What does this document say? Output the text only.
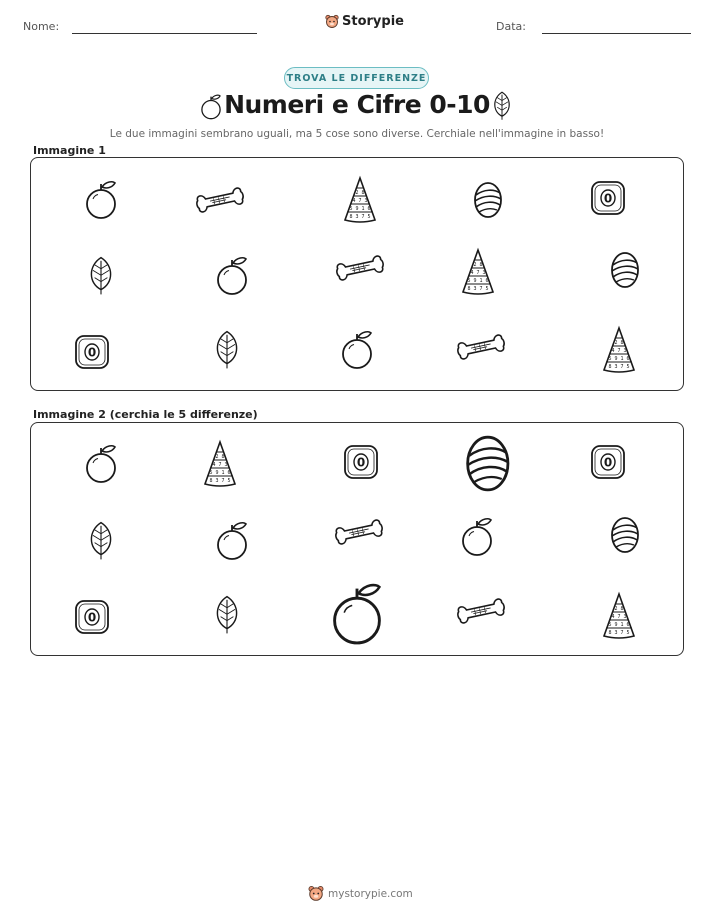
Nome:	Storypie	Data:
TROVA LE DIFFERENZE
Numeri e Cifre 0-10
Le due immagini sembrano uguali, ma 5 cose sono diverse. Cerchiale nell'immagine in basso!
Immagine 1
Immagine 2 (cerchia le 5 differenze)
mystorypie.com
2 8
4 7 3
5 9 1 6
8 3 7 5
0
2 8
4 7 3
5 9 1 6
8 3 7 5
0
2 8
4 7 3
5 9 1 6
8 3 7 5
2 8
4 7 3
5 9 1 6
8 3 7 5
0	0
0
2 8
4 7 3
5 9 1 6
8 3 7 5
